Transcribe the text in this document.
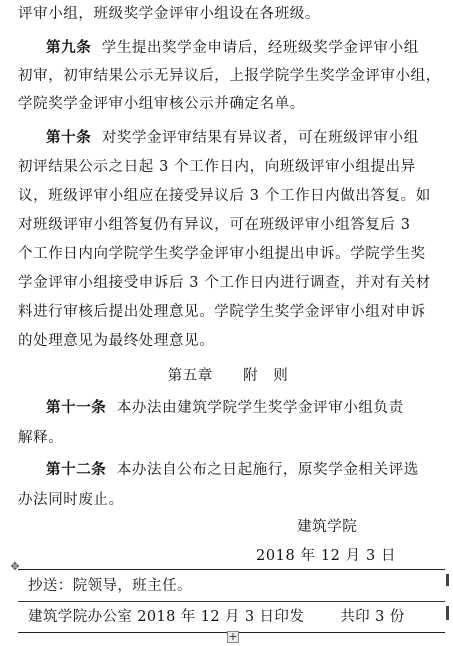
评审小组，班级奖学金评审小组设在各班级。
第九条 学生提出奖学金申请后，经班级奖学金评审小组
初审，初审结果公示无异议后，上报学院学生奖学金评审小组，
学院奖学金评审小组审核公示并确定名单。
第十条 对奖学金评审结果有异议者，可在班级评审小组
初评结果公示之日起 3 个工作日内，向班级评审小组提出异
议，班级评审小组应在接受异议后 3 个工作日内做出答复。如
对班级评审小组答复仍有异议，可在班级评审小组答复后 3
个工作日内向学院学生奖学金评审小组提出申诉。学院学生奖
学金评审小组接受申诉后 3 个工作日内进行调查，并对有关材
料进行审核后提出处理意见。学院学生奖学金评审小组对申诉
的处理意见为最终处理意见。
第五章　　附　则
第十一条 本办法由建筑学院学生奖学金评审小组负责
解释。
第十二条 本办法自公布之日起施行，原奖学金相关评选
办法同时废止。
建筑学院
2018 年 12 月 3 日
✥
抄送：院领导，班主任。
建筑学院办公室 2018 年 12 月 3 日印发 共印 3 份
+
